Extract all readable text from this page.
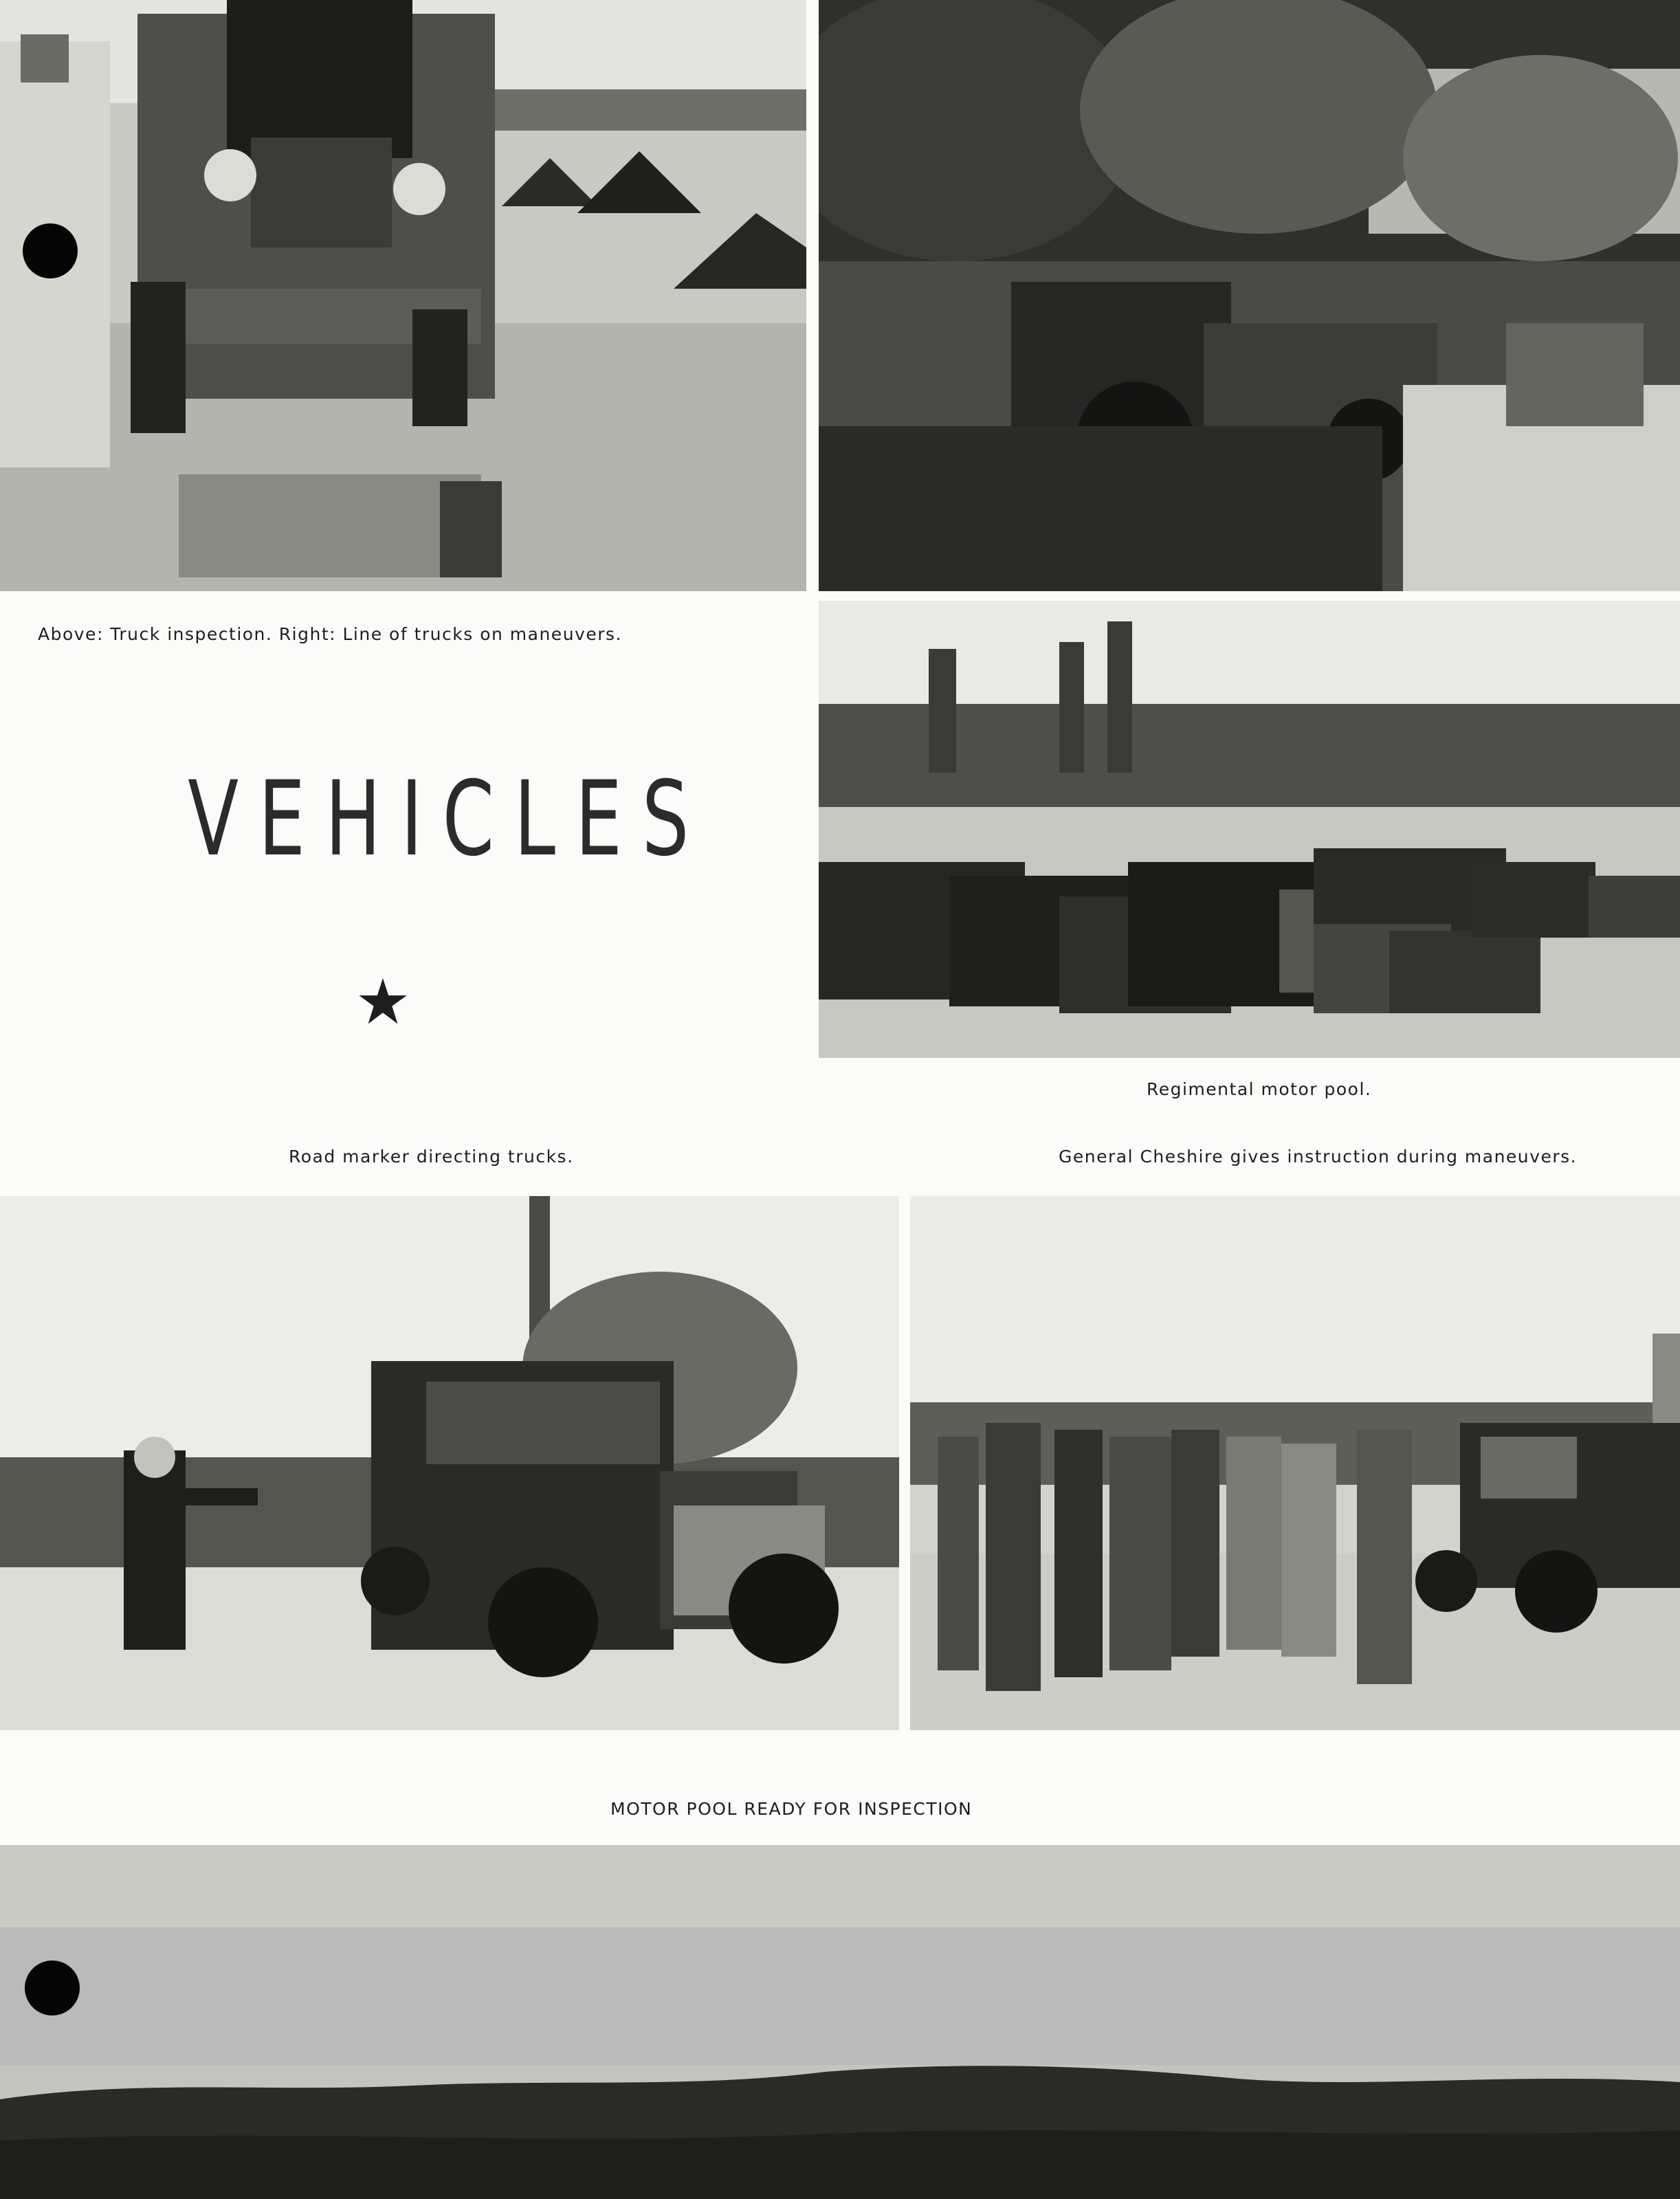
Above: Truck inspection. Right: Line of trucks on maneuvers.
VEHICLES
Regimental motor pool.
Road marker directing trucks.	General Cheshire gives instruction during maneuvers.
MOTOR POOL READY FOR INSPECTION
